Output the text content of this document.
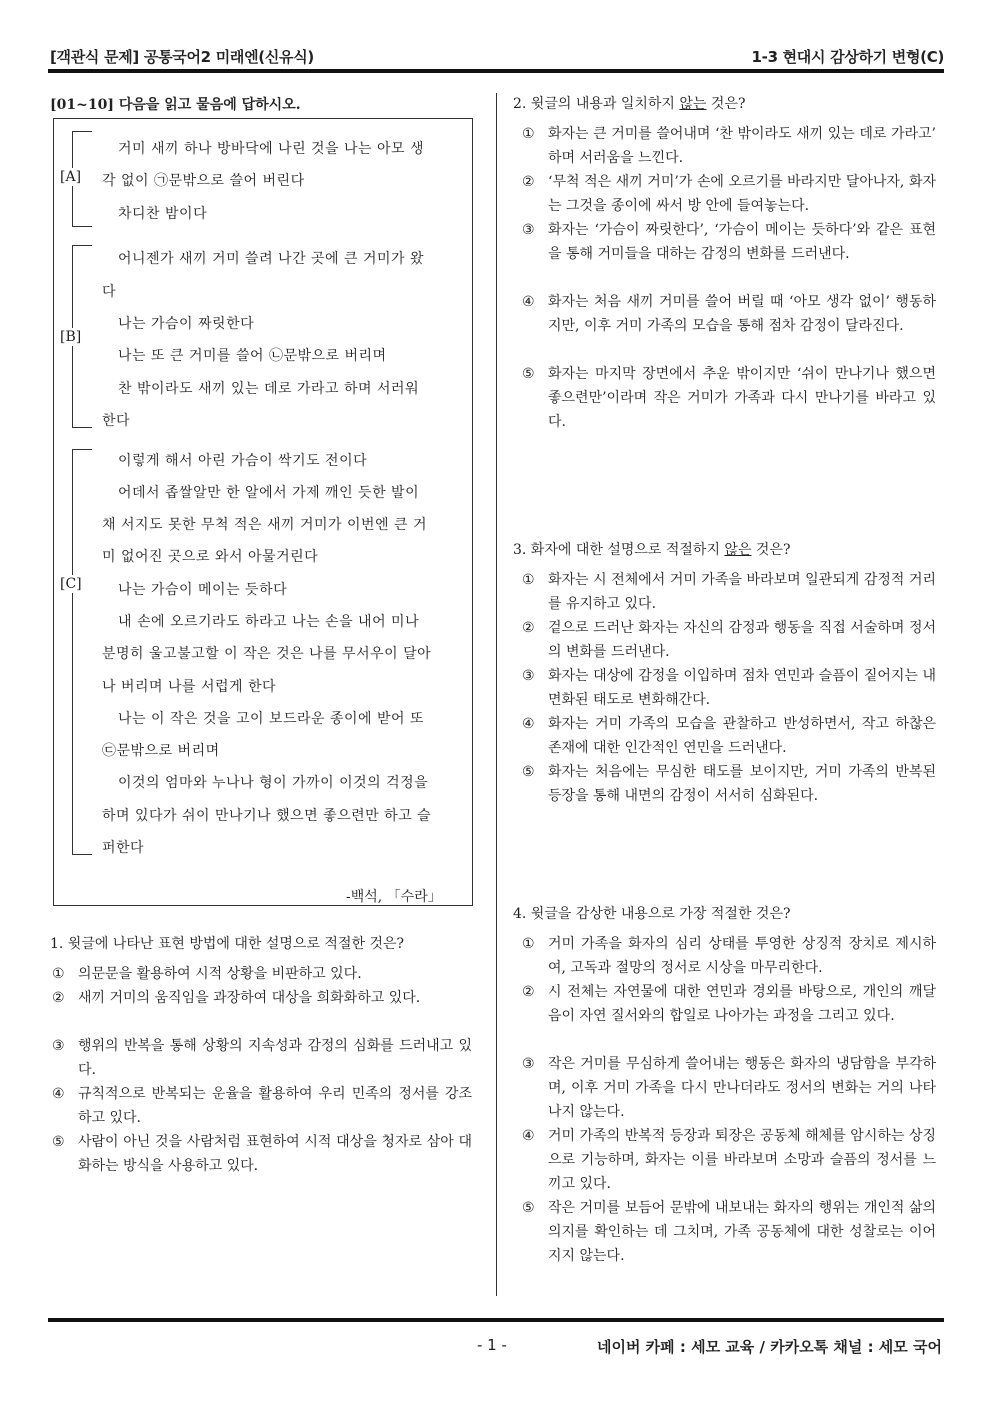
[객관식 문제] 공통국어2 미래엔(신유식)	1-3 현대시 감상하기 변형(C)
[01~10] 다음을 읽고 물음에 답하시오.
[A]
[B]
[C]
거미 새끼 하나 방바닥에 나린 것을 나는 아모 생
각 없이 ㉠문밖으로 쓸어 버린다
차디찬 밤이다
어니젠가 새끼 거미 쓸려 나간 곳에 큰 거미가 왔
다
나는 가슴이 짜릿한다
나는 또 큰 거미를 쓸어 ㉡문밖으로 버리며
찬 밖이라도 새끼 있는 데로 가라고 하며 서러워
한다
이렇게 해서 아린 가슴이 싹기도 전이다
어데서 좁쌀알만 한 알에서 가제 깨인 듯한 발이
채 서지도 못한 무척 적은 새끼 거미가 이번엔 큰 거
미 없어진 곳으로 와서 아물거린다
나는 가슴이 메이는 듯하다
내 손에 오르기라도 하라고 나는 손을 내어 미나
분명히 울고불고할 이 작은 것은 나를 무서우이 달아
나 버리며 나를 서럽게 한다
나는 이 작은 것을 고이 보드라운 종이에 받어 또
㉢문밖으로 버리며
이것의 엄마와 누나나 형이 가까이 이것의 걱정을
하며 있다가 쉬이 만나기나 했으면 좋으련만 하고 슬
퍼한다
-백석, 「수라」
1. 윗글에 나타난 표현 방법에 대한 설명으로 적절한 것은?
① 의문문을 활용하여 시적 상황을 비판하고 있다.
② 새끼 거미의 움직임을 과장하여 대상을 희화화하고 있다.
③ 행위의 반복을 통해 상황의 지속성과 감정의 심화를 드러내고 있다.
④ 규칙적으로 반복되는 운율을 활용하여 우리 민족의 정서를 강조하고 있다.
⑤ 사람이 아닌 것을 사람처럼 표현하여 시적 대상을 청자로 삼아 대화하는 방식을 사용하고 있다.
2. 윗글의 내용과 일치하지 않는 것은?
① 화자는 큰 거미를 쓸어내며 ‘찬 밖이라도 새끼 있는 데로 가라고’ 하며 서러움을 느낀다.
② ‘무척 적은 새끼 거미’가 손에 오르기를 바라지만 달아나자, 화자는 그것을 종이에 싸서 방 안에 들여놓는다.
③ 화자는 ‘가슴이 짜릿한다’, ‘가슴이 메이는 듯하다’와 같은 표현을 통해 거미들을 대하는 감정의 변화를 드러낸다.
④ 화자는 처음 새끼 거미를 쓸어 버릴 때 ‘아모 생각 없이’ 행동하지만, 이후 거미 가족의 모습을 통해 점차 감정이 달라진다.
⑤ 화자는 마지막 장면에서 추운 밖이지만 ‘쉬이 만나기나 했으면 좋으련만’이라며 작은 거미가 가족과 다시 만나기를 바라고 있다.
3. 화자에 대한 설명으로 적절하지 않은 것은?
① 화자는 시 전체에서 거미 가족을 바라보며 일관되게 감정적 거리를 유지하고 있다.
② 겉으로 드러난 화자는 자신의 감정과 행동을 직접 서술하며 정서의 변화를 드러낸다.
③ 화자는 대상에 감정을 이입하며 점차 연민과 슬픔이 짙어지는 내면화된 태도로 변화해간다.
④ 화자는 거미 가족의 모습을 관찰하고 반성하면서, 작고 하찮은 존재에 대한 인간적인 연민을 드러낸다.
⑤ 화자는 처음에는 무심한 태도를 보이지만, 거미 가족의 반복된 등장을 통해 내면의 감정이 서서히 심화된다.
4. 윗글을 감상한 내용으로 가장 적절한 것은?
① 거미 가족을 화자의 심리 상태를 투영한 상징적 장치로 제시하여, 고독과 절망의 정서로 시상을 마무리한다.
② 시 전체는 자연물에 대한 연민과 경외를 바탕으로, 개인의 깨달음이 자연 질서와의 합일로 나아가는 과정을 그리고 있다.
③ 작은 거미를 무심하게 쓸어내는 행동은 화자의 냉담함을 부각하며, 이후 거미 가족을 다시 만나더라도 정서의 변화는 거의 나타나지 않는다.
④ 거미 가족의 반복적 등장과 퇴장은 공동체 해체를 암시하는 상징으로 기능하며, 화자는 이를 바라보며 소망과 슬픔의 정서를 느끼고 있다.
⑤ 작은 거미를 보듬어 문밖에 내보내는 화자의 행위는 개인적 삶의 의지를 확인하는 데 그치며, 가족 공동체에 대한 성찰로는 이어지지 않는다.
- 1 -	네이버 카페 : 세모 교육 / 카카오톡 채널 : 세모 국어
